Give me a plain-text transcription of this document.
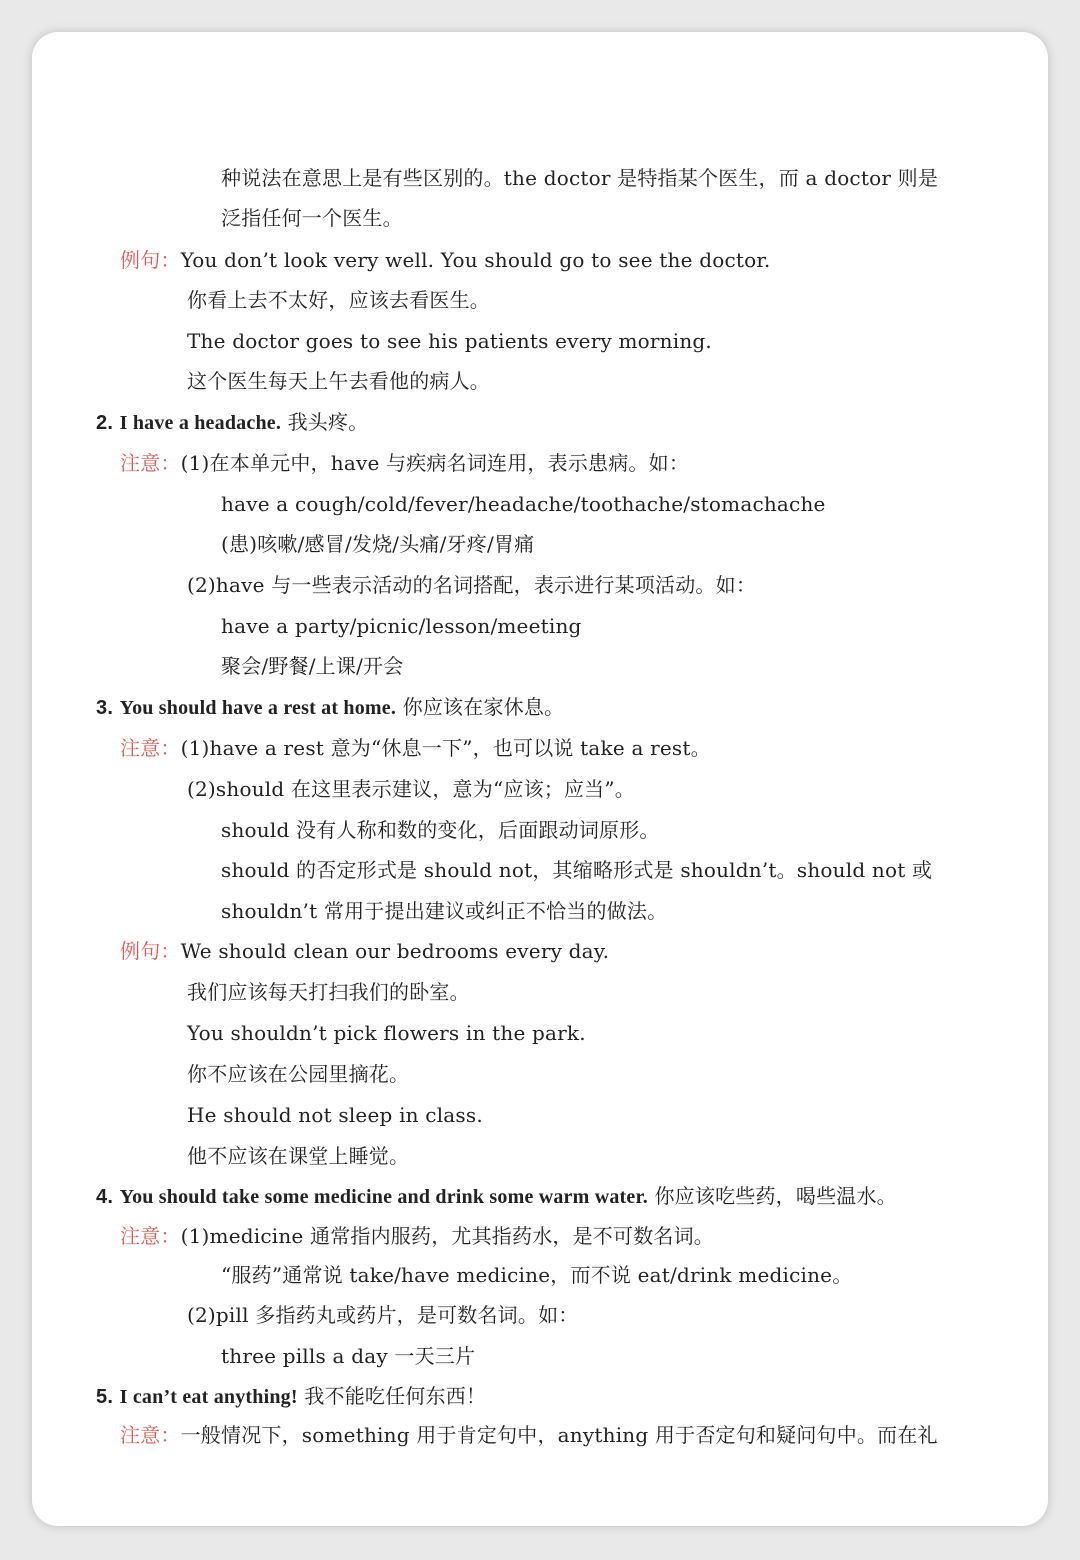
种说法在意思上是有些区别的。the doctor 是特指某个医生，而 a doctor 则是
泛指任何一个医生。
例句：You don’t look very well. You should go to see the doctor.
你看上去不太好，应该去看医生。
The doctor goes to see his patients every morning.
这个医生每天上午去看他的病人。
2. I have a headache. 我头疼。
注意：(1)在本单元中，have 与疾病名词连用，表示患病。如：
have a cough/cold/fever/headache/toothache/stomachache
(患)咳嗽/感冒/发烧/头痛/牙疼/胃痛
(2)have 与一些表示活动的名词搭配，表示进行某项活动。如：
have a party/picnic/lesson/meeting
聚会/野餐/上课/开会
3. You should have a rest at home. 你应该在家休息。
注意：(1)have a rest 意为“休息一下”，也可以说 take a rest。
(2)should 在这里表示建议，意为“应该；应当”。
should 没有人称和数的变化，后面跟动词原形。
should 的否定形式是 should not，其缩略形式是 shouldn’t。should not 或
shouldn’t 常用于提出建议或纠正不恰当的做法。
例句：We should clean our bedrooms every day.
我们应该每天打扫我们的卧室。
You shouldn’t pick flowers in the park.
你不应该在公园里摘花。
He should not sleep in class.
他不应该在课堂上睡觉。
4. You should take some medicine and drink some warm water. 你应该吃些药，喝些温水。
注意：(1)medicine 通常指内服药，尤其指药水，是不可数名词。
“服药”通常说 take/have medicine，而不说 eat/drink medicine。
(2)pill 多指药丸或药片，是可数名词。如：
three pills a day 一天三片
5. I can’t eat anything! 我不能吃任何东西！
注意：一般情况下，something 用于肯定句中，anything 用于否定句和疑问句中。而在礼
